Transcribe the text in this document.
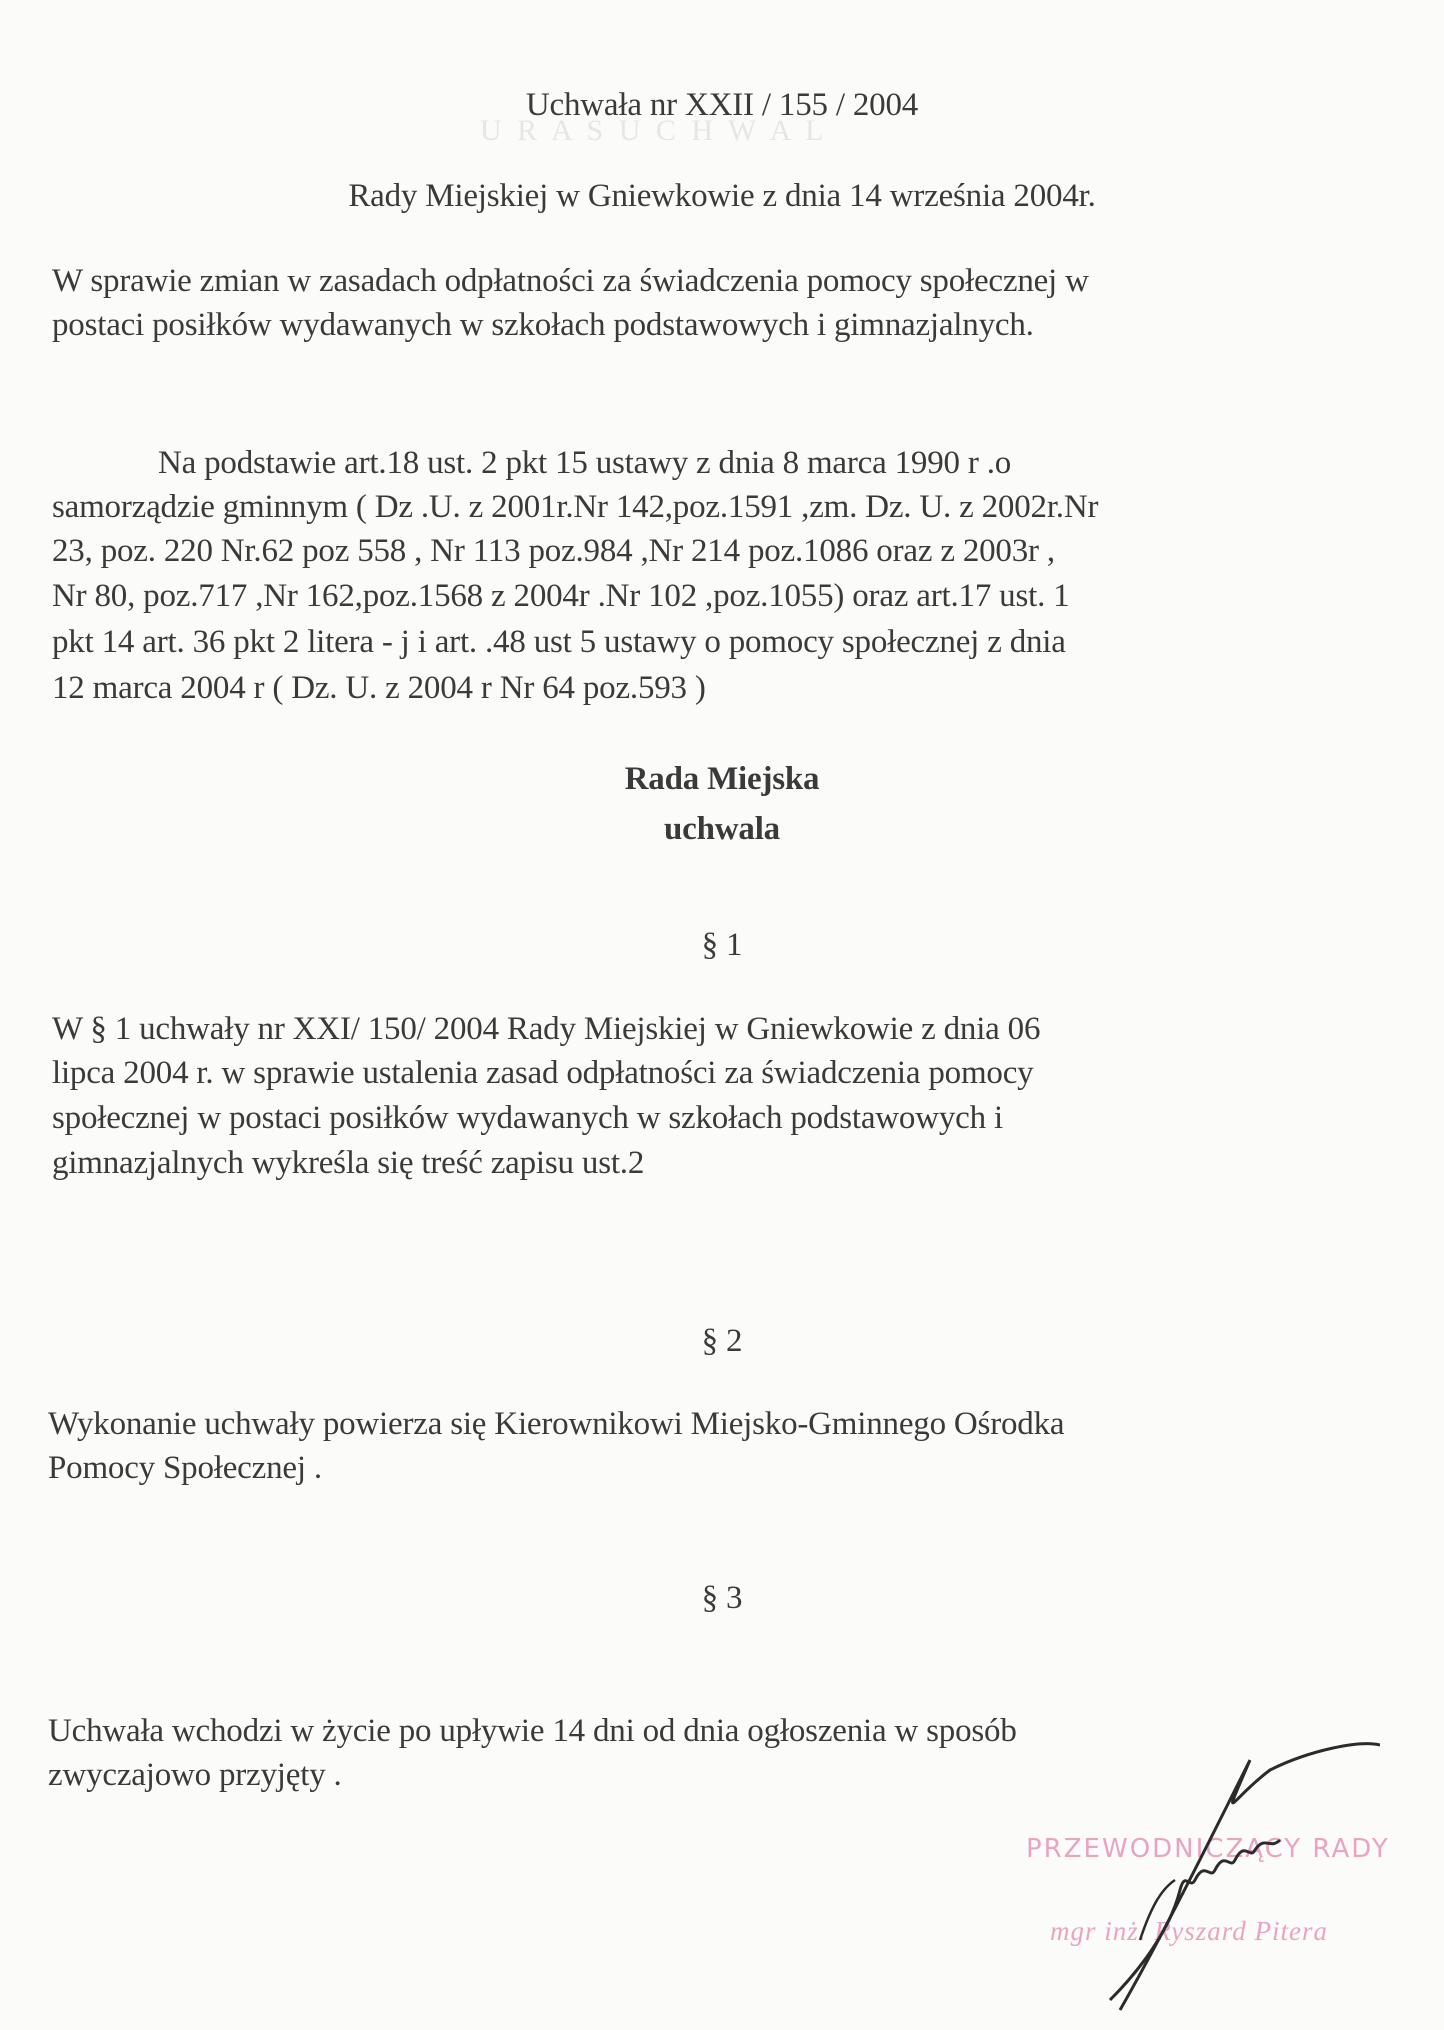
U R A S U C H W A L

Uchwała nr XXII / 155 / 2004

Rady Miejskiej w Gniewkowie z dnia 14 września 2004r.

W sprawie zmian w zasadach odpłatności za świadczenia pomocy społecznej w

postaci posiłków wydawanych w szkołach podstawowych i gimnazjalnych.

Na podstawie art.18 ust. 2 pkt 15 ustawy z dnia 8 marca 1990 r .o

samorządzie gminnym ( Dz .U. z 2001r.Nr 142,poz.1591 ,zm. Dz. U. z 2002r.Nr

23, poz. 220 Nr.62 poz 558 , Nr 113 poz.984 ,Nr 214 poz.1086 oraz z 2003r ,

Nr 80, poz.717 ,Nr 162,poz.1568 z 2004r .Nr 102 ,poz.1055) oraz art.17 ust. 1

pkt 14 art. 36 pkt 2 litera - j i art. .48 ust 5 ustawy o pomocy społecznej z dnia

12 marca 2004 r ( Dz. U. z 2004 r Nr 64 poz.593 )

Rada Miejska

uchwala

§ 1

W § 1 uchwały nr XXI/ 150/ 2004 Rady Miejskiej w Gniewkowie z dnia 06

lipca 2004 r. w sprawie ustalenia zasad odpłatności za świadczenia pomocy

społecznej w postaci posiłków wydawanych w szkołach podstawowych i

gimnazjalnych wykreśla się treść zapisu ust.2

§ 2

Wykonanie uchwały powierza się Kierownikowi Miejsko-Gminnego Ośrodka

Pomocy Społecznej .

§ 3

Uchwała wchodzi w życie po upływie 14 dni od dnia ogłoszenia w sposób

zwyczajowo przyjęty .

PRZEWODNICZĄCY RADY

mgr inż. Ryszard Pitera
